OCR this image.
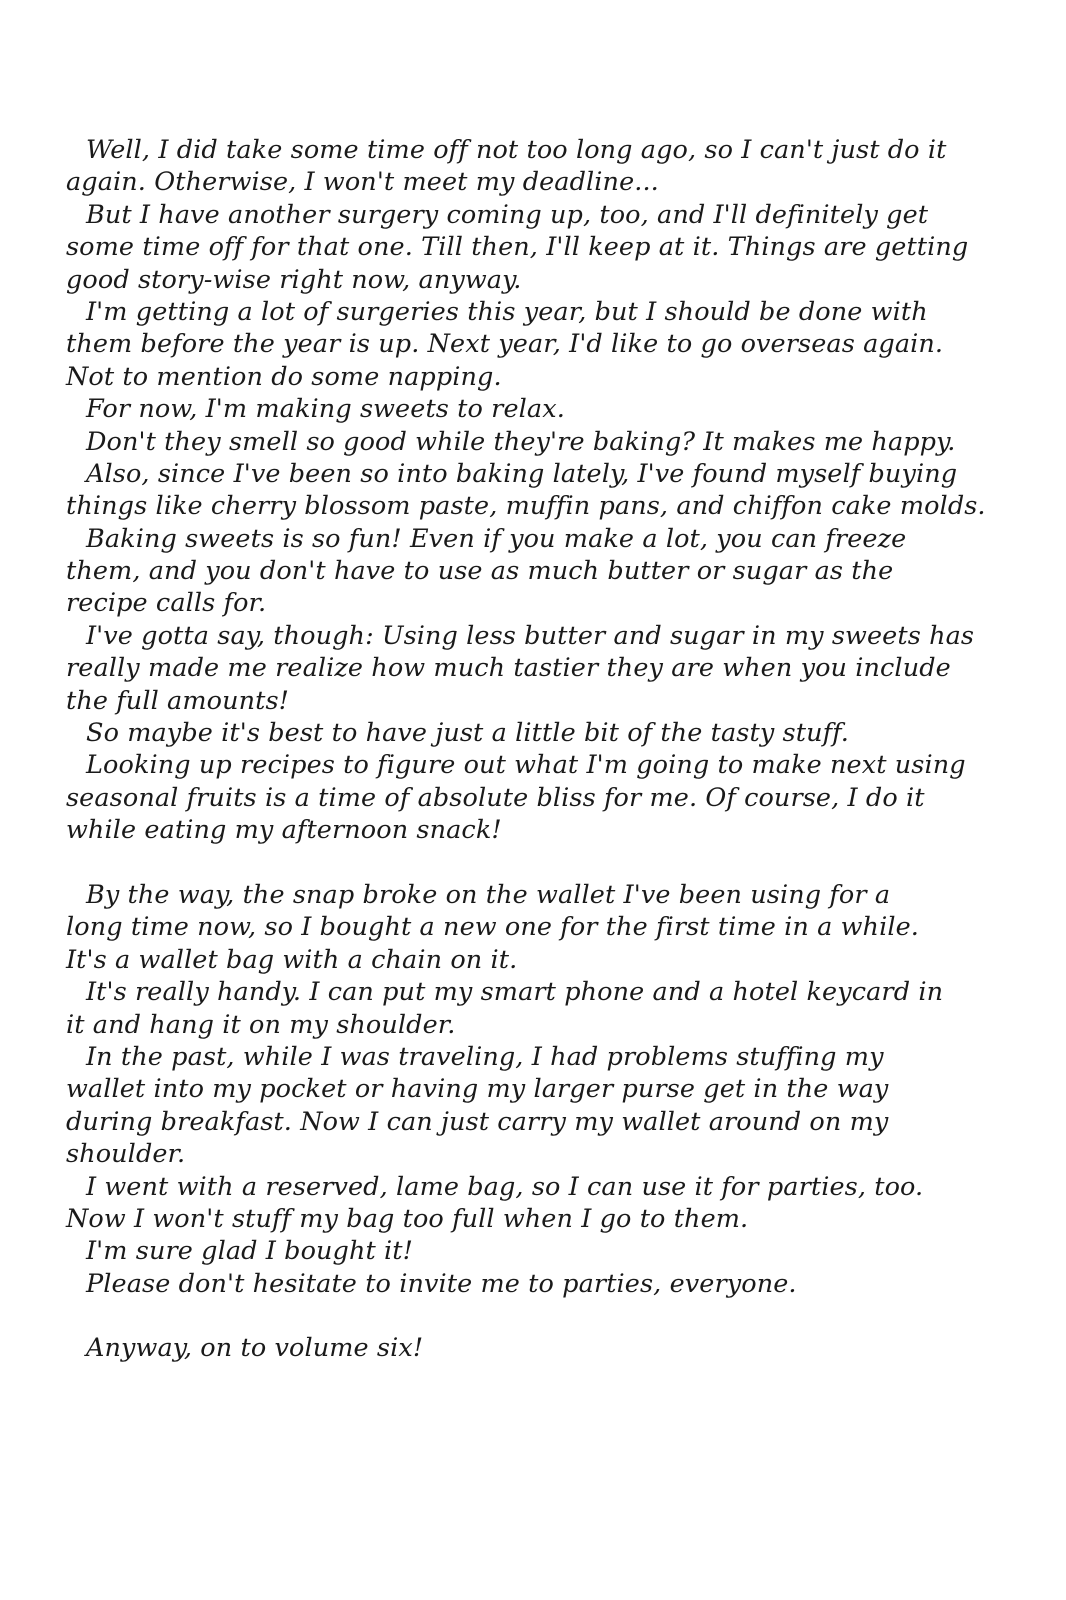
Well, I did take some time off not too long ago, so I can't just do it
again. Otherwise, I won't meet my deadline...
But I have another surgery coming up, too, and I'll definitely get
some time off for that one. Till then, I'll keep at it. Things are getting
good story-wise right now, anyway.
I'm getting a lot of surgeries this year, but I should be done with
them before the year is up. Next year, I'd like to go overseas again.
Not to mention do some napping.
For now, I'm making sweets to relax.
Don't they smell so good while they're baking? It makes me happy.
Also, since I've been so into baking lately, I've found myself buying
things like cherry blossom paste, muffin pans, and chiffon cake molds.
Baking sweets is so fun! Even if you make a lot, you can freeze
them, and you don't have to use as much butter or sugar as the
recipe calls for.
I've gotta say, though: Using less butter and sugar in my sweets has
really made me realize how much tastier they are when you include
the full amounts!
So maybe it's best to have just a little bit of the tasty stuff.
Looking up recipes to figure out what I'm going to make next using
seasonal fruits is a time of absolute bliss for me. Of course, I do it
while eating my afternoon snack!
By the way, the snap broke on the wallet I've been using for a
long time now, so I bought a new one for the first time in a while.
It's a wallet bag with a chain on it.
It's really handy. I can put my smart phone and a hotel keycard in
it and hang it on my shoulder.
In the past, while I was traveling, I had problems stuffing my
wallet into my pocket or having my larger purse get in the way
during breakfast. Now I can just carry my wallet around on my
shoulder.
I went with a reserved, lame bag, so I can use it for parties, too.
Now I won't stuff my bag too full when I go to them.
I'm sure glad I bought it!
Please don't hesitate to invite me to parties, everyone.
Anyway, on to volume six!
